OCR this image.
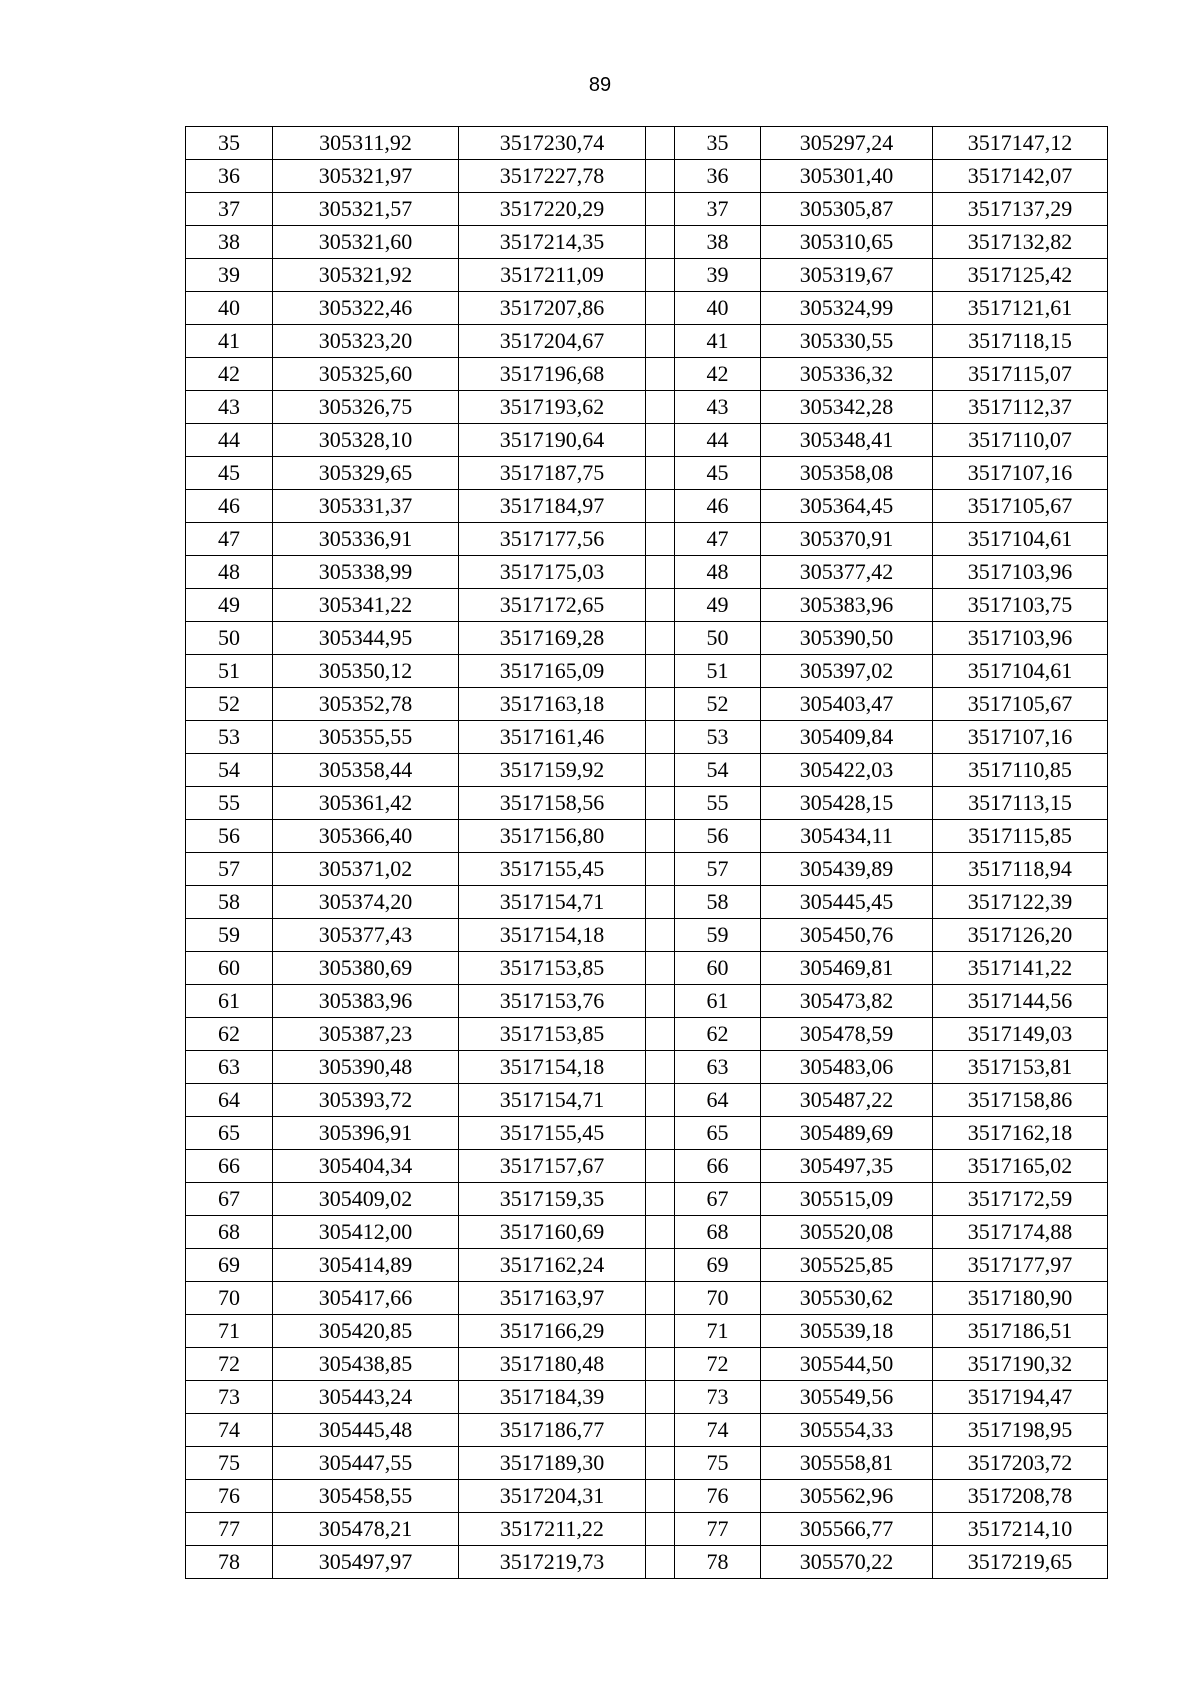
89
35	305311,92	3517230,74		35	305297,24	3517147,12
36	305321,97	3517227,78		36	305301,40	3517142,07
37	305321,57	3517220,29		37	305305,87	3517137,29
38	305321,60	3517214,35		38	305310,65	3517132,82
39	305321,92	3517211,09		39	305319,67	3517125,42
40	305322,46	3517207,86		40	305324,99	3517121,61
41	305323,20	3517204,67		41	305330,55	3517118,15
42	305325,60	3517196,68		42	305336,32	3517115,07
43	305326,75	3517193,62		43	305342,28	3517112,37
44	305328,10	3517190,64		44	305348,41	3517110,07
45	305329,65	3517187,75		45	305358,08	3517107,16
46	305331,37	3517184,97		46	305364,45	3517105,67
47	305336,91	3517177,56		47	305370,91	3517104,61
48	305338,99	3517175,03		48	305377,42	3517103,96
49	305341,22	3517172,65		49	305383,96	3517103,75
50	305344,95	3517169,28		50	305390,50	3517103,96
51	305350,12	3517165,09		51	305397,02	3517104,61
52	305352,78	3517163,18		52	305403,47	3517105,67
53	305355,55	3517161,46		53	305409,84	3517107,16
54	305358,44	3517159,92		54	305422,03	3517110,85
55	305361,42	3517158,56		55	305428,15	3517113,15
56	305366,40	3517156,80		56	305434,11	3517115,85
57	305371,02	3517155,45		57	305439,89	3517118,94
58	305374,20	3517154,71		58	305445,45	3517122,39
59	305377,43	3517154,18		59	305450,76	3517126,20
60	305380,69	3517153,85		60	305469,81	3517141,22
61	305383,96	3517153,76		61	305473,82	3517144,56
62	305387,23	3517153,85		62	305478,59	3517149,03
63	305390,48	3517154,18		63	305483,06	3517153,81
64	305393,72	3517154,71		64	305487,22	3517158,86
65	305396,91	3517155,45		65	305489,69	3517162,18
66	305404,34	3517157,67		66	305497,35	3517165,02
67	305409,02	3517159,35		67	305515,09	3517172,59
68	305412,00	3517160,69		68	305520,08	3517174,88
69	305414,89	3517162,24		69	305525,85	3517177,97
70	305417,66	3517163,97		70	305530,62	3517180,90
71	305420,85	3517166,29		71	305539,18	3517186,51
72	305438,85	3517180,48		72	305544,50	3517190,32
73	305443,24	3517184,39		73	305549,56	3517194,47
74	305445,48	3517186,77		74	305554,33	3517198,95
75	305447,55	3517189,30		75	305558,81	3517203,72
76	305458,55	3517204,31		76	305562,96	3517208,78
77	305478,21	3517211,22		77	305566,77	3517214,10
78	305497,97	3517219,73		78	305570,22	3517219,65
